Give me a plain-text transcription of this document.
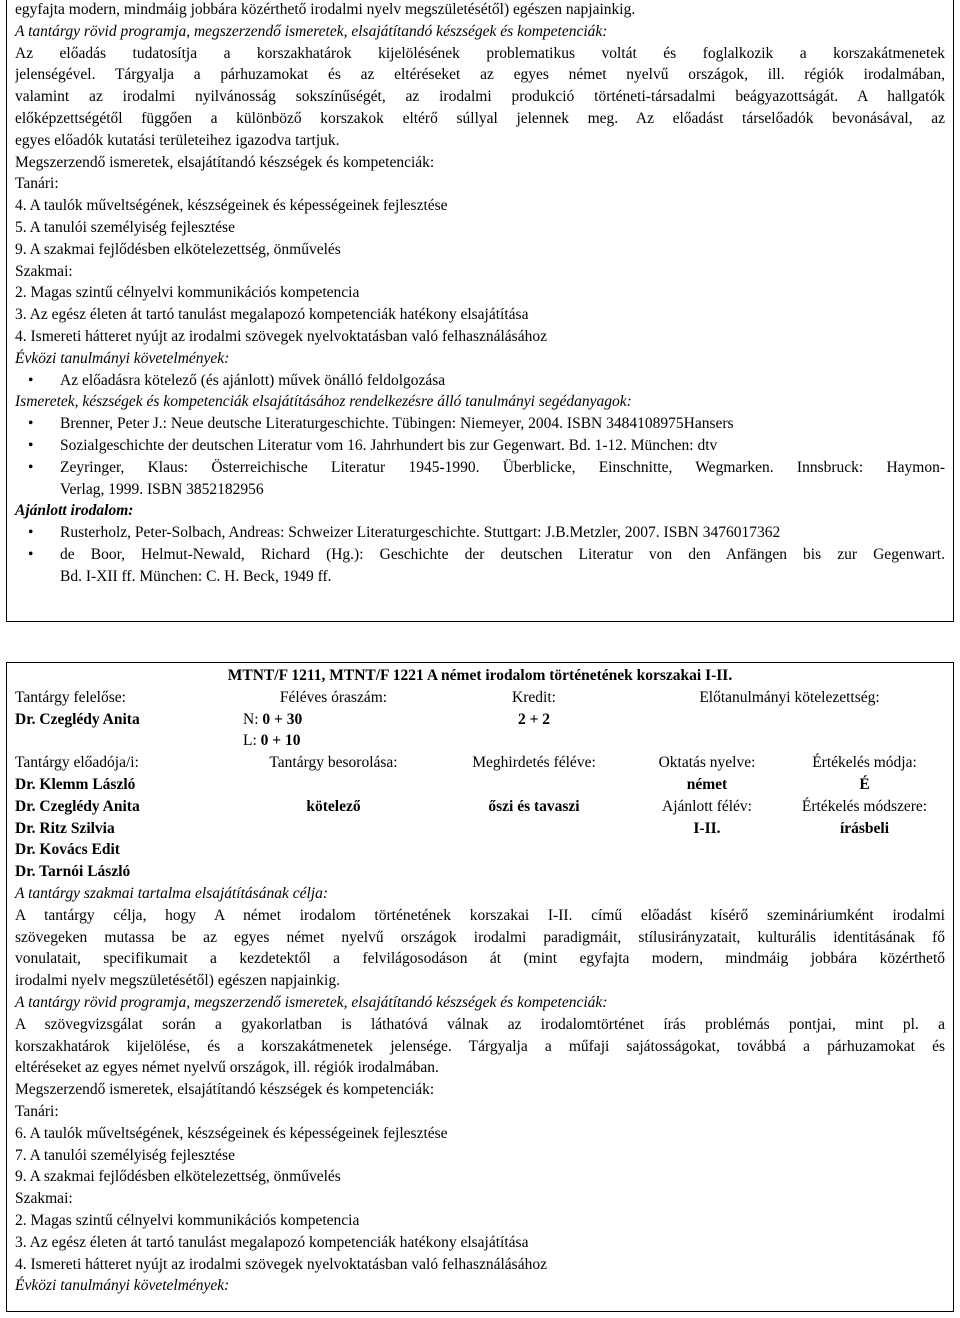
egyfajta modern, mindmáig jobbára közérthető irodalmi nyelv megszületésétől) egészen napjainkig.
A tantárgy rövid programja, megszerzendő ismeretek, elsajátítandó készségek és kompetenciák:
Az előadás tudatosítja a korszakhatárok kijelölésének problematikus voltát és foglalkozik a korszakátmenetek
jelenségével. Tárgyalja a párhuzamokat és az eltéréseket az egyes német nyelvű országok, ill. régiók irodalmában,
valamint az irodalmi nyilvánosság sokszínűségét, az irodalmi produkció történeti-társadalmi beágyazottságát. A hallgatók
előképzettségétől függően a különböző korszakok eltérő súllyal jelennek meg. Az előadást társelőadók bevonásával, az
egyes előadók kutatási területeihez igazodva tartjuk.
Megszerzendő ismeretek, elsajátítandó készségek és kompetenciák:
Tanári:
4. A taulók műveltségének, készségeinek és képességeinek fejlesztése
5. A tanulói személyiség fejlesztése
9. A szakmai fejlődésben elkötelezettség, önművelés
Szakmai:
2. Magas szintű célnyelvi kommunikációs kompetencia
3. Az egész életen át tartó tanulást megalapozó kompetenciák hatékony elsajátítása
4. Ismereti hátteret nyújt az irodalmi szövegek nyelvoktatásban való felhasználásához
Évközi tanulmányi követelmények:
• Az előadásra kötelező (és ajánlott) művek önálló feldolgozása
Ismeretek, készségek és kompetenciák elsajátításához rendelkezésre álló tanulmányi segédanyagok:
• Brenner, Peter J.: Neue deutsche Literaturgeschichte. Tübingen: Niemeyer, 2004. ISBN 3484108975Hansers
• Sozialgeschichte der deutschen Literatur vom 16. Jahrhundert bis zur Gegenwart. Bd. 1-12. München: dtv
• Zeyringer, Klaus: Österreichische Literatur 1945-1990. Überblicke, Einschnitte, Wegmarken. Innsbruck: Haymon-
Verlag, 1999. ISBN 3852182956
Ajánlott irodalom:
• Rusterholz, Peter-Solbach, Andreas: Schweizer Literaturgeschichte. Stuttgart: J.B.Metzler, 2007. ISBN 3476017362
• de Boor, Helmut-Newald, Richard (Hg.): Geschichte der deutschen Literatur von den Anfängen bis zur Gegenwart.
Bd. I-XII ff. München: C. H. Beck, 1949 ff.
MTNT/F 1211, MTNT/F 1221 A német irodalom történetének korszakai I-II.
Tantárgy felelőse:	Féléves óraszám:	Kredit:	Előtanulmányi kötelezettség:	
Dr. Czeglédy Anita	N: 0 + 30	2 + 2		
	L: 0 + 10			
Tantárgy előadója/i:	Tantárgy besorolása:	Meghirdetés féléve:	Oktatás nyelve:	Értékelés módja:
Dr. Klemm László			német	É
Dr. Czeglédy Anita	kötelező	őszi és tavaszi	Ajánlott félév:	Értékelés módszere:
Dr. Ritz Szilvia			I-II.	írásbeli
Dr. Kovács Edit				
Dr. Tarnói László				
A tantárgy szakmai tartalma elsajátításának célja:
A tantárgy célja, hogy A német irodalom történetének korszakai I-II. című előadást kísérő szemináriumként irodalmi
szövegeken mutassa be az egyes német nyelvű országok irodalmi paradigmáit, stílusirányzatait, kulturális identitásának fő
vonulatait, specifikumait a kezdetektől a felvilágosodáson át (mint egyfajta modern, mindmáig jobbára közérthető
irodalmi nyelv megszületésétől) egészen napjainkig.
A tantárgy rövid programja, megszerzendő ismeretek, elsajátítandó készségek és kompetenciák:
A szövegvizsgálat során a gyakorlatban is láthatóvá válnak az irodalomtörténet írás problémás pontjai, mint pl. a
korszakhatárok kijelölése, és a korszakátmenetek jelensége. Tárgyalja a műfaji sajátosságokat, továbbá a párhuzamokat és
eltéréseket az egyes német nyelvű országok, ill. régiók irodalmában.
Megszerzendő ismeretek, elsajátítandó készségek és kompetenciák:
Tanári:
6. A taulók műveltségének, készségeinek és képességeinek fejlesztése
7. A tanulói személyiség fejlesztése
9. A szakmai fejlődésben elkötelezettség, önművelés
Szakmai:
2. Magas szintű célnyelvi kommunikációs kompetencia
3. Az egész életen át tartó tanulást megalapozó kompetenciák hatékony elsajátítása
4. Ismereti hátteret nyújt az irodalmi szövegek nyelvoktatásban való felhasználásához
Évközi tanulmányi követelmények:
